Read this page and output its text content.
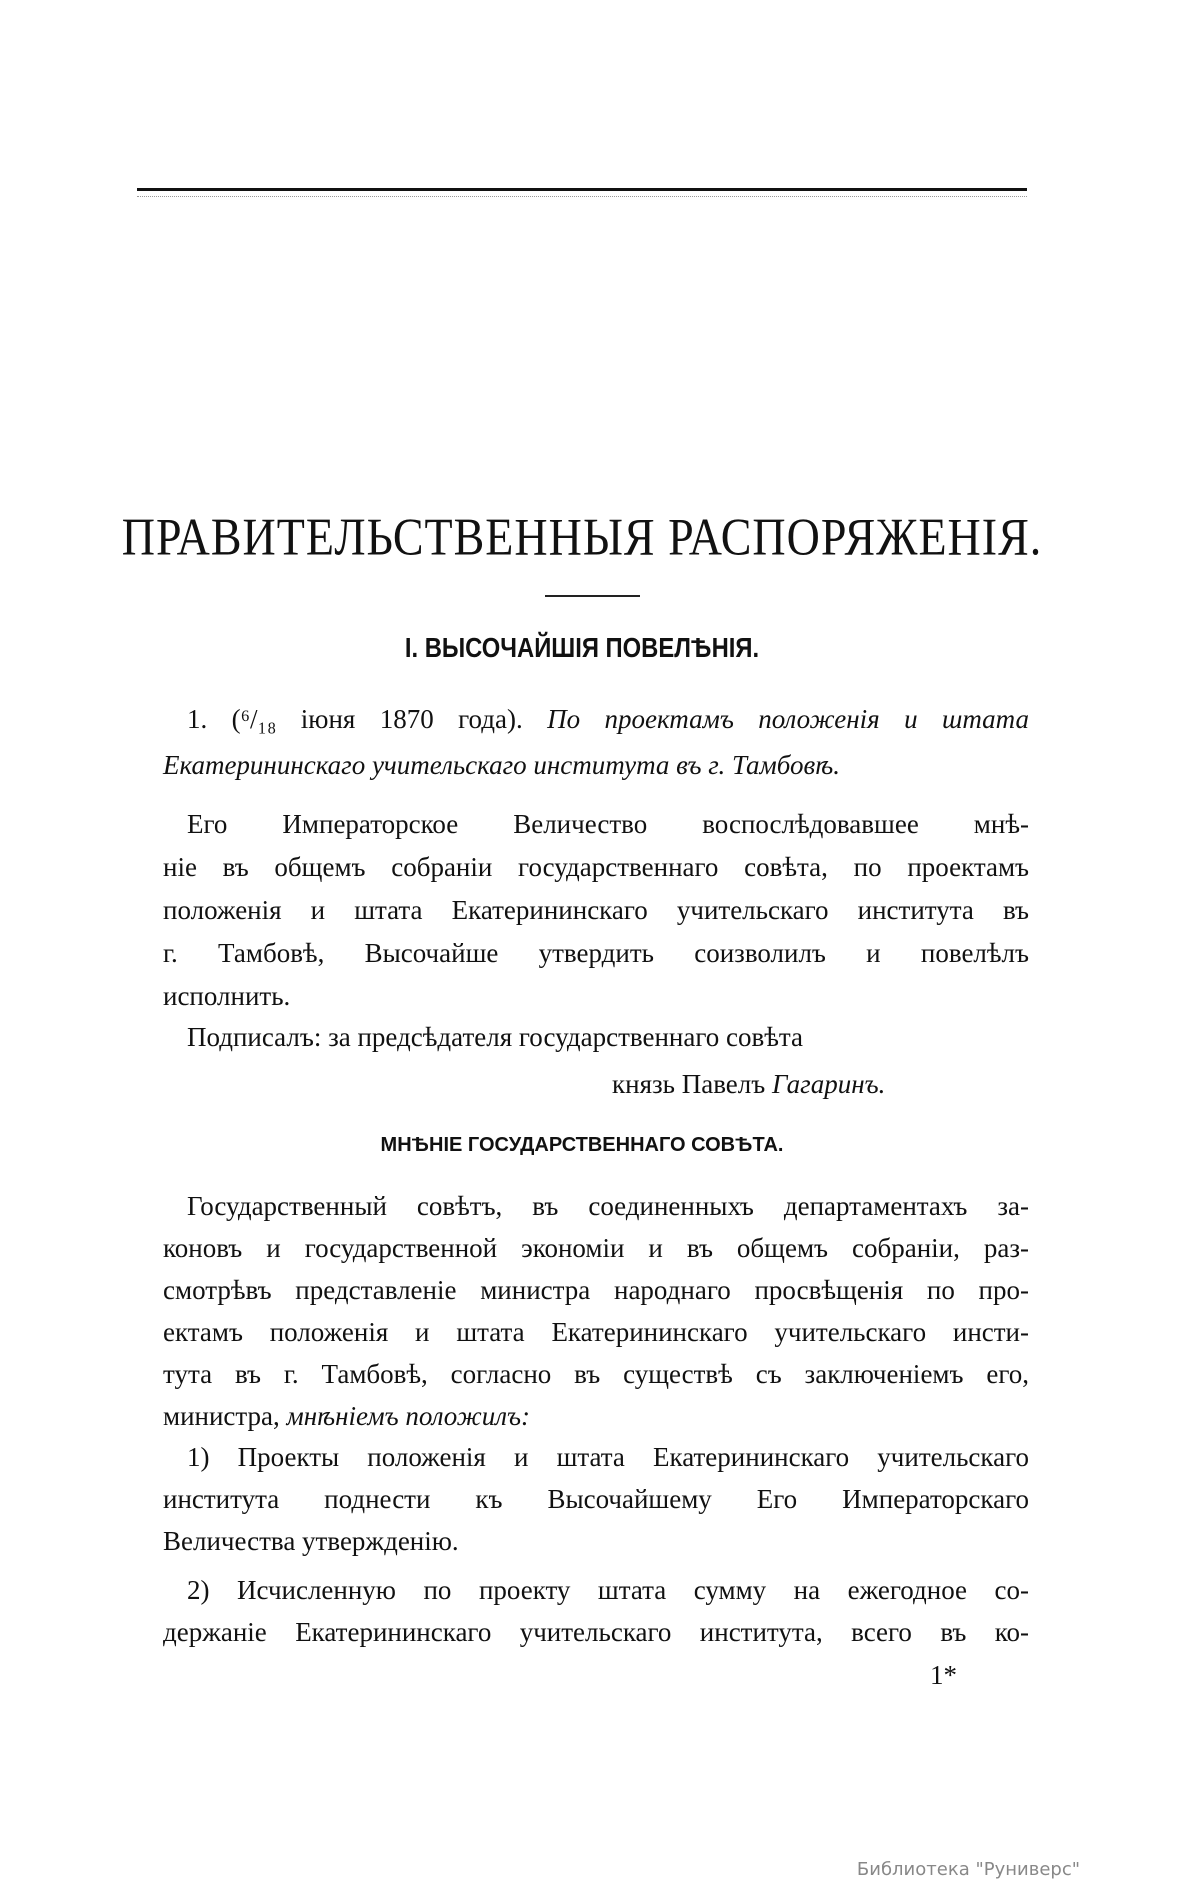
ПРАВИТЕЛЬСТВЕННЫЯ РАСПОРЯЖЕНІЯ.
I. ВЫСОЧАЙШІЯ ПОВЕЛѢНІЯ.
1. (⁶/₁₈ іюня 1870 года). По проектамъ положенія и штата
Екатерининскаго учительскаго института въ г. Тамбовѣ.
Его Императорское Величество воспослѣдовавшее мнѣ-
ніе въ общемъ собраніи государственнаго совѣта, по проектамъ
положенія и штата Екатерининскаго учительскаго института въ
г. Тамбовѣ, Высочайше утвердить соизволилъ и повелѣлъ
исполнить.
Подписалъ: за предсѣдателя государственнаго совѣта
князь Павелъ Гагаринъ.
МНѢНІЕ ГОСУДАРСТВЕННАГО СОВѢТА.
Государственный совѣтъ, въ соединенныхъ департаментахъ за-
коновъ и государственной экономіи и въ общемъ собраніи, раз-
смотрѣвъ представленіе министра народнаго просвѣщенія по про-
ектамъ положенія и штата Екатерининскаго учительскаго инсти-
тута въ г. Тамбовѣ, согласно въ существѣ съ заключеніемъ его,
министра, мнѣніемъ положилъ:
1) Проекты положенія и штата Екатерининскаго учительскаго
института поднести къ Высочайшему Его Императорскаго
Величества утвержденію.
2) Исчисленную по проекту штата сумму на ежегодное со-
держаніе Екатерининскаго учительскаго института, всего въ ко-
1*
Библиотека "Руниверс"
